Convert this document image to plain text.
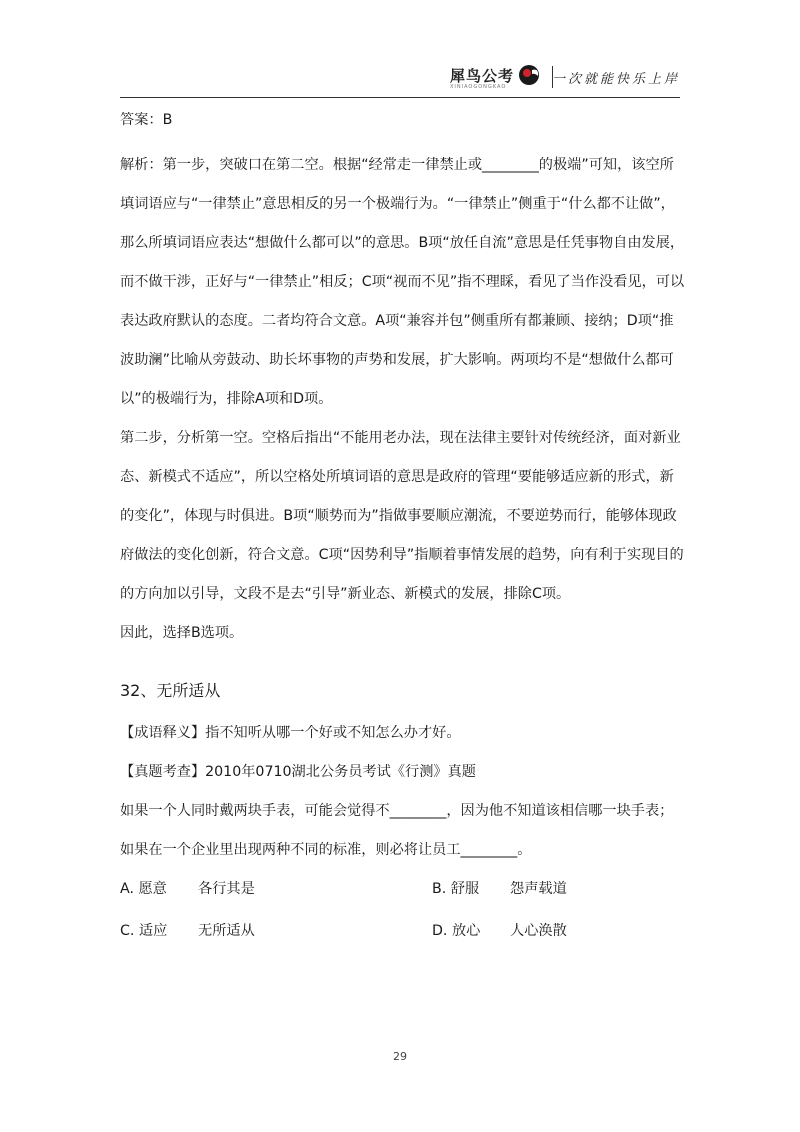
犀鸟公考
XINIAOGONGKAO	一次就能快乐上岸

答案：B

解析：第一步，突破口在第二空。根据“经常走一律禁止或________的极端”可知，该空所填词语应与“一律禁止”意思相反的另一个极端行为。“一律禁止”侧重于“什么都不让做”，那么所填词语应表达“想做什么都可以”的意思。B项“放任自流”意思是任凭事物自由发展，而不做干涉，正好与“一律禁止”相反；C项“视而不见”指不理睬，看见了当作没看见，可以表达政府默认的态度。二者均符合文意。A项“兼容并包”侧重所有都兼顾、接纳；D项“推波助澜”比喻从旁鼓动、助长坏事物的声势和发展，扩大影响。两项均不是“想做什么都可以”的极端行为，排除A项和D项。

第二步，分析第一空。空格后指出“不能用老办法，现在法律主要针对传统经济，面对新业态、新模式不适应”，所以空格处所填词语的意思是政府的管理“要能够适应新的形式，新的变化”，体现与时俱进。B项“顺势而为”指做事要顺应潮流，不要逆势而行，能够体现政府做法的变化创新，符合文意。C项“因势利导”指顺着事情发展的趋势，向有利于实现目的的方向加以引导，文段不是去“引导”新业态、新模式的发展，排除C项。

因此，选择B选项。

32、无所适从

【成语释义】指不知听从哪一个好或不知怎么办才好。

【真题考查】2010年0710湖北公务员考试《行测》真题

如果一个人同时戴两块手表，可能会觉得不________，因为他不知道该相信哪一块手表；如果在一个企业里出现两种不同的标准，则必将让员工________。

A. 愿意 各行其是	B. 舒服 怨声载道
C. 适应 无所适从	D. 放心 人心涣散
29
